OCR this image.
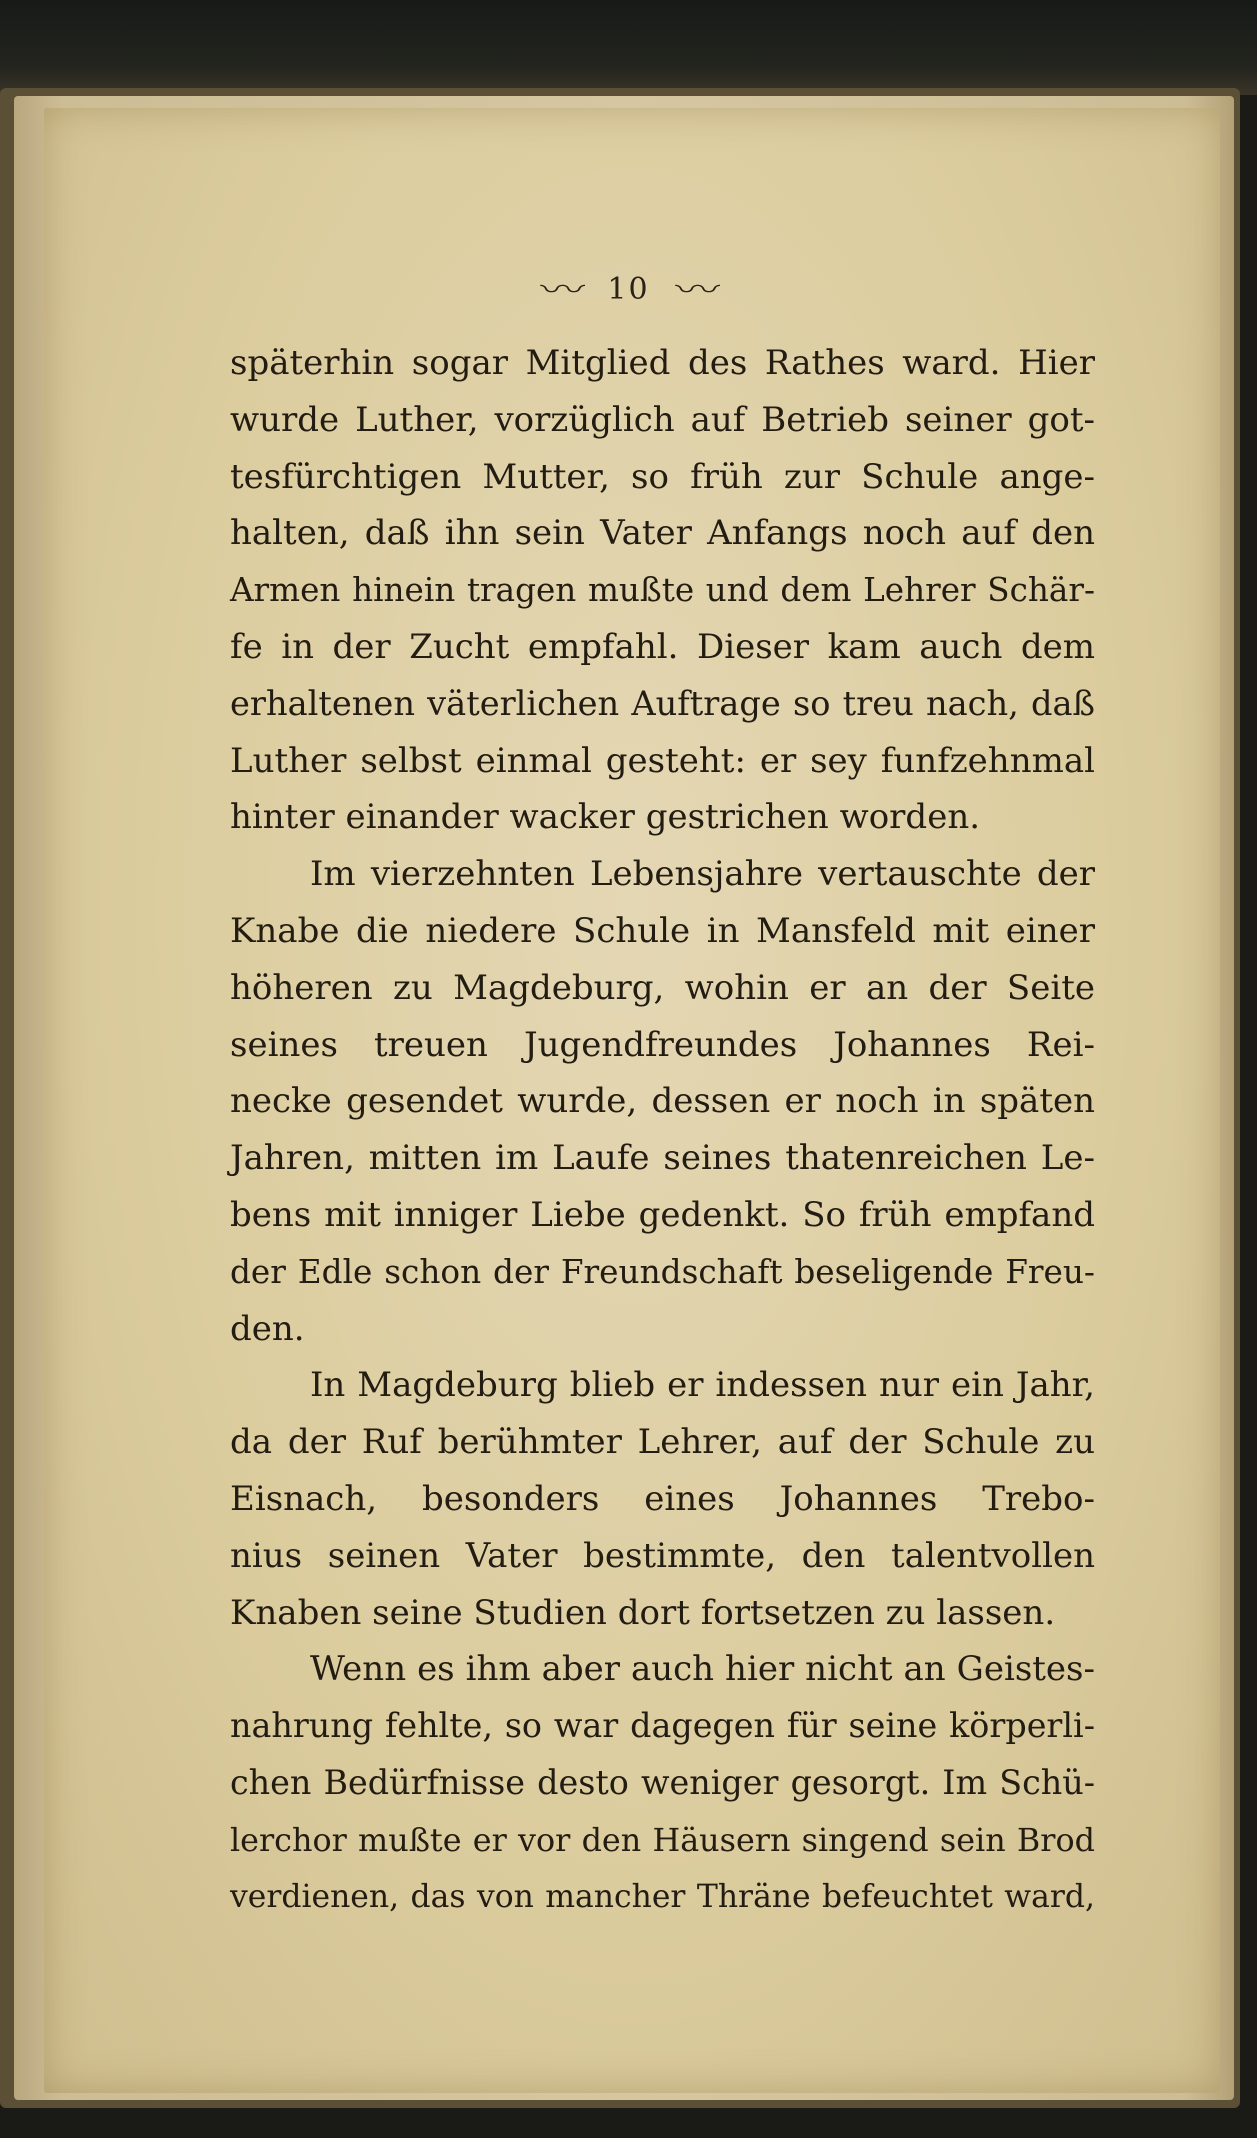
〰 10 〰

späterhin sogar Mitglied des Rathes ward. Hier
wurde Luther, vorzüglich auf Betrieb seiner got-
tesfürchtigen Mutter, so früh zur Schule ange-
halten, daß ihn sein Vater Anfangs noch auf den
Armen hinein tragen mußte und dem Lehrer Schär-
fe in der Zucht empfahl. Dieser kam auch dem
erhaltenen väterlichen Auftrage so treu nach, daß
Luther selbst einmal gesteht: er sey funfzehnmal
hinter einander wacker gestrichen worden.

Im vierzehnten Lebensjahre vertauschte der
Knabe die niedere Schule in Mansfeld mit einer
höheren zu Magdeburg, wohin er an der Seite
seines treuen Jugendfreundes Johannes Rei-
necke gesendet wurde, dessen er noch in späten
Jahren, mitten im Laufe seines thatenreichen Le-
bens mit inniger Liebe gedenkt. So früh empfand
der Edle schon der Freundschaft beseligende Freu-
den.

In Magdeburg blieb er indessen nur ein Jahr,
da der Ruf berühmter Lehrer, auf der Schule zu
Eisnach, besonders eines Johannes Trebo-
nius seinen Vater bestimmte, den talentvollen
Knaben seine Studien dort fortsetzen zu lassen.

Wenn es ihm aber auch hier nicht an Geistes-
nahrung fehlte, so war dagegen für seine körperli-
chen Bedürfnisse desto weniger gesorgt. Im Schü-
lerchor mußte er vor den Häusern singend sein Brod
verdienen, das von mancher Thräne befeuchtet ward,
